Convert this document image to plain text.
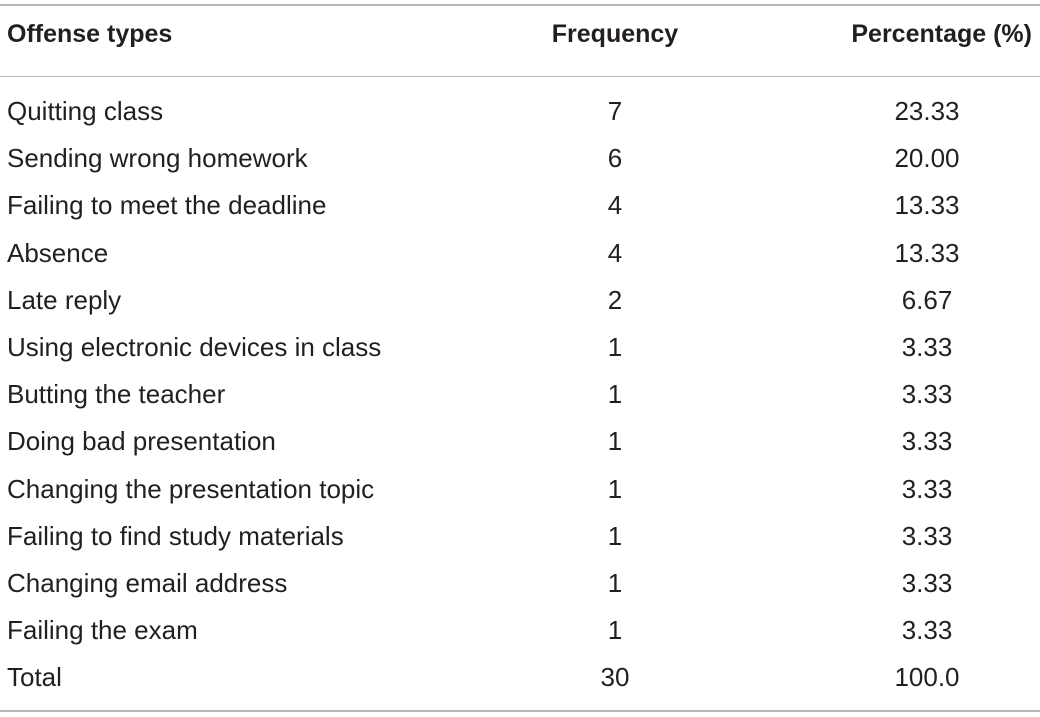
Offense types	Frequency	Percentage (%)
Quitting class	7	23.33
Sending wrong homework	6	20.00
Failing to meet the deadline	4	13.33
Absence	4	13.33
Late reply	2	6.67
Using electronic devices in class	1	3.33
Butting the teacher	1	3.33
Doing bad presentation	1	3.33
Changing the presentation topic	1	3.33
Failing to find study materials	1	3.33
Changing email address	1	3.33
Failing the exam	1	3.33
Total	30	100.0
